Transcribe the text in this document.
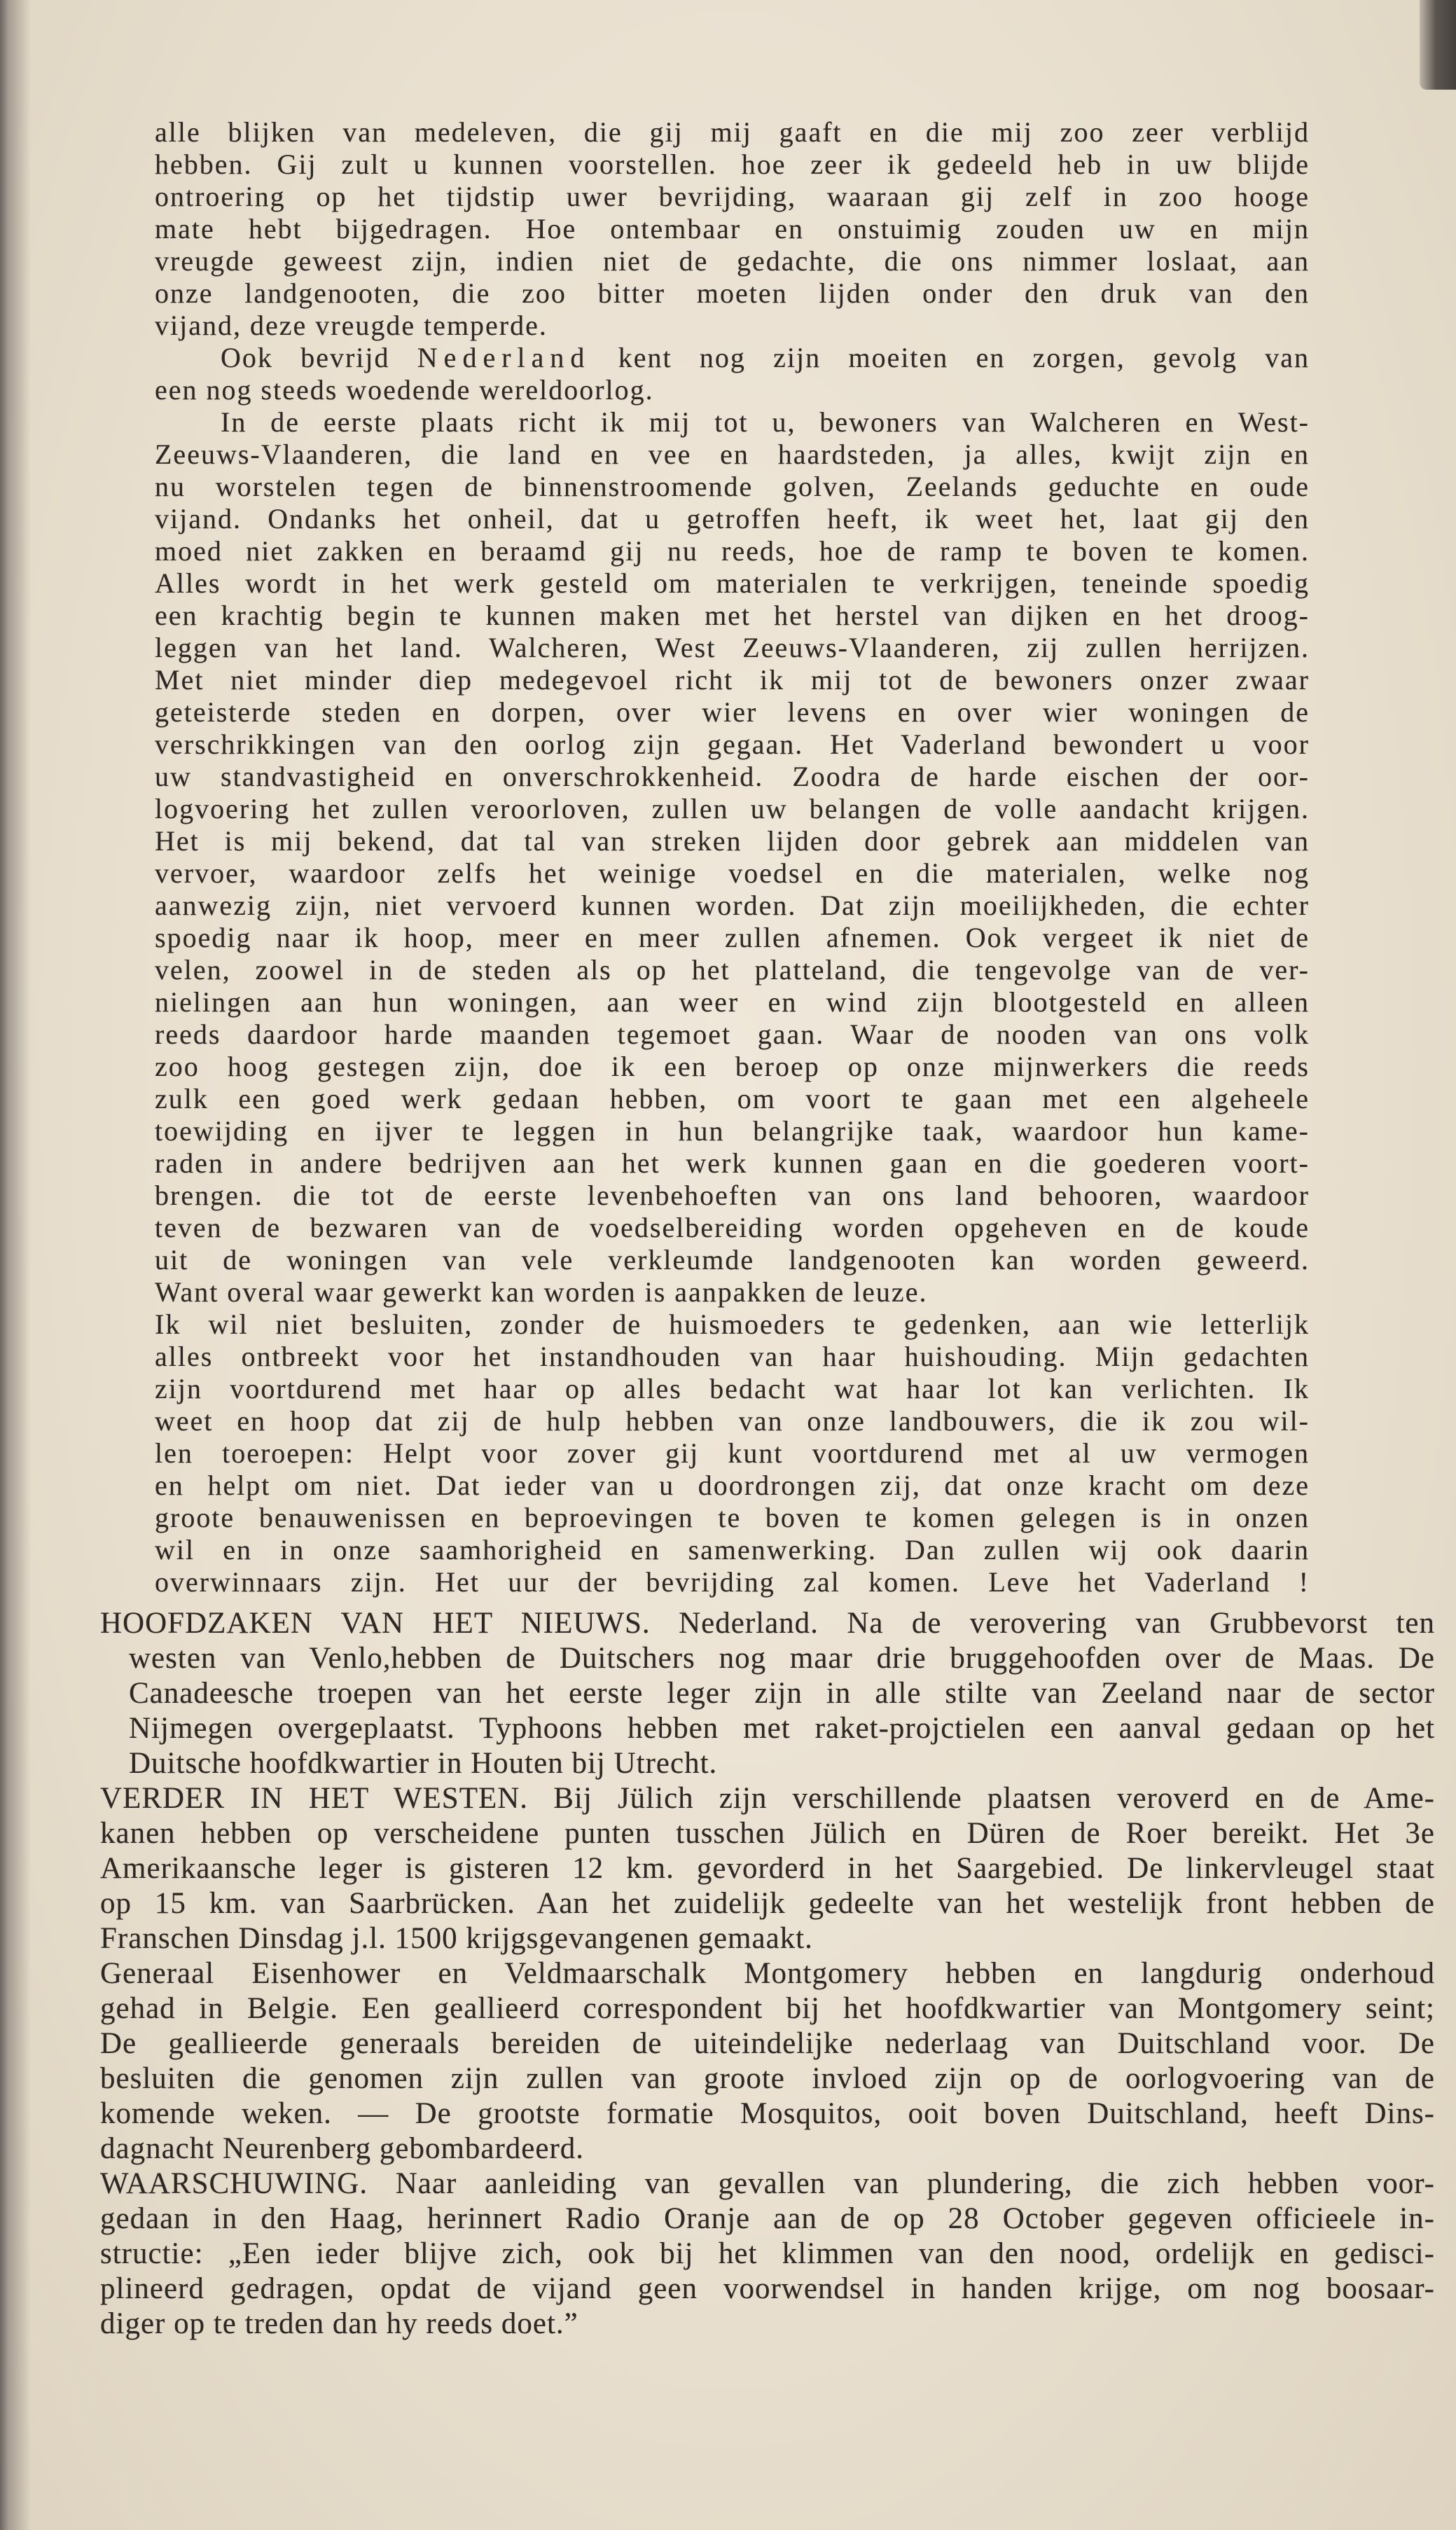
alle blijken van medeleven, die gij mij gaaft en die mij zoo zeer verblijd
hebben. Gij zult u kunnen voorstellen. hoe zeer ik gedeeld heb in uw blijde
ontroering op het tijdstip uwer bevrijding, waaraan gij zelf in zoo hooge
mate hebt bijgedragen. Hoe ontembaar en onstuimig zouden uw en mijn
vreugde geweest zijn, indien niet de gedachte, die ons nimmer loslaat, aan
onze landgenooten, die zoo bitter moeten lijden onder den druk van den
vijand, deze vreugde temperde.
Ook bevrijd Nederland kent nog zijn moeiten en zorgen, gevolg van
een nog steeds woedende wereldoorlog.
In de eerste plaats richt ik mij tot u, bewoners van Walcheren en West-
Zeeuws-Vlaanderen, die land en vee en haardsteden, ja alles, kwijt zijn en
nu worstelen tegen de binnenstroomende golven, Zeelands geduchte en oude
vijand. Ondanks het onheil, dat u getroffen heeft, ik weet het, laat gij den
moed niet zakken en beraamd gij nu reeds, hoe de ramp te boven te komen.
Alles wordt in het werk gesteld om materialen te verkrijgen, teneinde spoedig
een krachtig begin te kunnen maken met het herstel van dijken en het droog-
leggen van het land. Walcheren, West Zeeuws-Vlaanderen, zij zullen herrijzen.
Met niet minder diep medegevoel richt ik mij tot de bewoners onzer zwaar
geteisterde steden en dorpen, over wier levens en over wier woningen de
verschrikkingen van den oorlog zijn gegaan. Het Vaderland bewondert u voor
uw standvastigheid en onverschrokkenheid. Zoodra de harde eischen der oor-
logvoering het zullen veroorloven, zullen uw belangen de volle aandacht krijgen.
Het is mij bekend, dat tal van streken lijden door gebrek aan middelen van
vervoer, waardoor zelfs het weinige voedsel en die materialen, welke nog
aanwezig zijn, niet vervoerd kunnen worden. Dat zijn moeilijkheden, die echter
spoedig naar ik hoop, meer en meer zullen afnemen. Ook vergeet ik niet de
velen, zoowel in de steden als op het platteland, die tengevolge van de ver-
nielingen aan hun woningen, aan weer en wind zijn blootgesteld en alleen
reeds daardoor harde maanden tegemoet gaan. Waar de nooden van ons volk
zoo hoog gestegen zijn, doe ik een beroep op onze mijnwerkers die reeds
zulk een goed werk gedaan hebben, om voort te gaan met een algeheele
toewijding en ijver te leggen in hun belangrijke taak, waardoor hun kame-
raden in andere bedrijven aan het werk kunnen gaan en die goederen voort-
brengen. die tot de eerste levenbehoeften van ons land behooren, waardoor
teven de bezwaren van de voedselbereiding worden opgeheven en de koude
uit de woningen van vele verkleumde landgenooten kan worden geweerd.
Want overal waar gewerkt kan worden is aanpakken de leuze.
Ik wil niet besluiten, zonder de huismoeders te gedenken, aan wie letterlijk
alles ontbreekt voor het instandhouden van haar huishouding. Mijn gedachten
zijn voortdurend met haar op alles bedacht wat haar lot kan verlichten. Ik
weet en hoop dat zij de hulp hebben van onze landbouwers, die ik zou wil-
len toeroepen: Helpt voor zover gij kunt voortdurend met al uw vermogen
en helpt om niet. Dat ieder van u doordrongen zij, dat onze kracht om deze
groote benauwenissen en beproevingen te boven te komen gelegen is in onzen
wil en in onze saamhorigheid en samenwerking. Dan zullen wij ook daarin
overwinnaars zijn. Het uur der bevrijding zal komen. Leve het Vaderland !
HOOFDZAKEN VAN HET NIEUWS. Nederland. Na de verovering van Grubbevorst ten
westen van Venlo,hebben de Duitschers nog maar drie bruggehoofden over de Maas. De
Canadeesche troepen van het eerste leger zijn in alle stilte van Zeeland naar de sector
Nijmegen overgeplaatst. Typhoons hebben met raket-projctielen een aanval gedaan op het
Duitsche hoofdkwartier in Houten bij Utrecht.
VERDER IN HET WESTEN. Bij Jülich zijn verschillende plaatsen veroverd en de Ame-
kanen hebben op verscheidene punten tusschen Jülich en Düren de Roer bereikt. Het 3e
Amerikaansche leger is gisteren 12 km. gevorderd in het Saargebied. De linkervleugel staat
op 15 km. van Saarbrücken. Aan het zuidelijk gedeelte van het westelijk front hebben de
Franschen Dinsdag j.l. 1500 krijgsgevangenen gemaakt.
Generaal Eisenhower en Veldmaarschalk Montgomery hebben en langdurig onderhoud
gehad in Belgie. Een geallieerd correspondent bij het hoofdkwartier van Montgomery seint;
De geallieerde generaals bereiden de uiteindelijke nederlaag van Duitschland voor. De
besluiten die genomen zijn zullen van groote invloed zijn op de oorlogvoering van de
komende weken. — De grootste formatie Mosquitos, ooit boven Duitschland, heeft Dins-
dagnacht Neurenberg gebombardeerd.
WAARSCHUWING. Naar aanleiding van gevallen van plundering, die zich hebben voor-
gedaan in den Haag, herinnert Radio Oranje aan de op 28 October gegeven officieele in-
structie: „Een ieder blijve zich, ook bij het klimmen van den nood, ordelijk en gedisci-
plineerd gedragen, opdat de vijand geen voorwendsel in handen krijge, om nog boosaar-
diger op te treden dan hy reeds doet.”
